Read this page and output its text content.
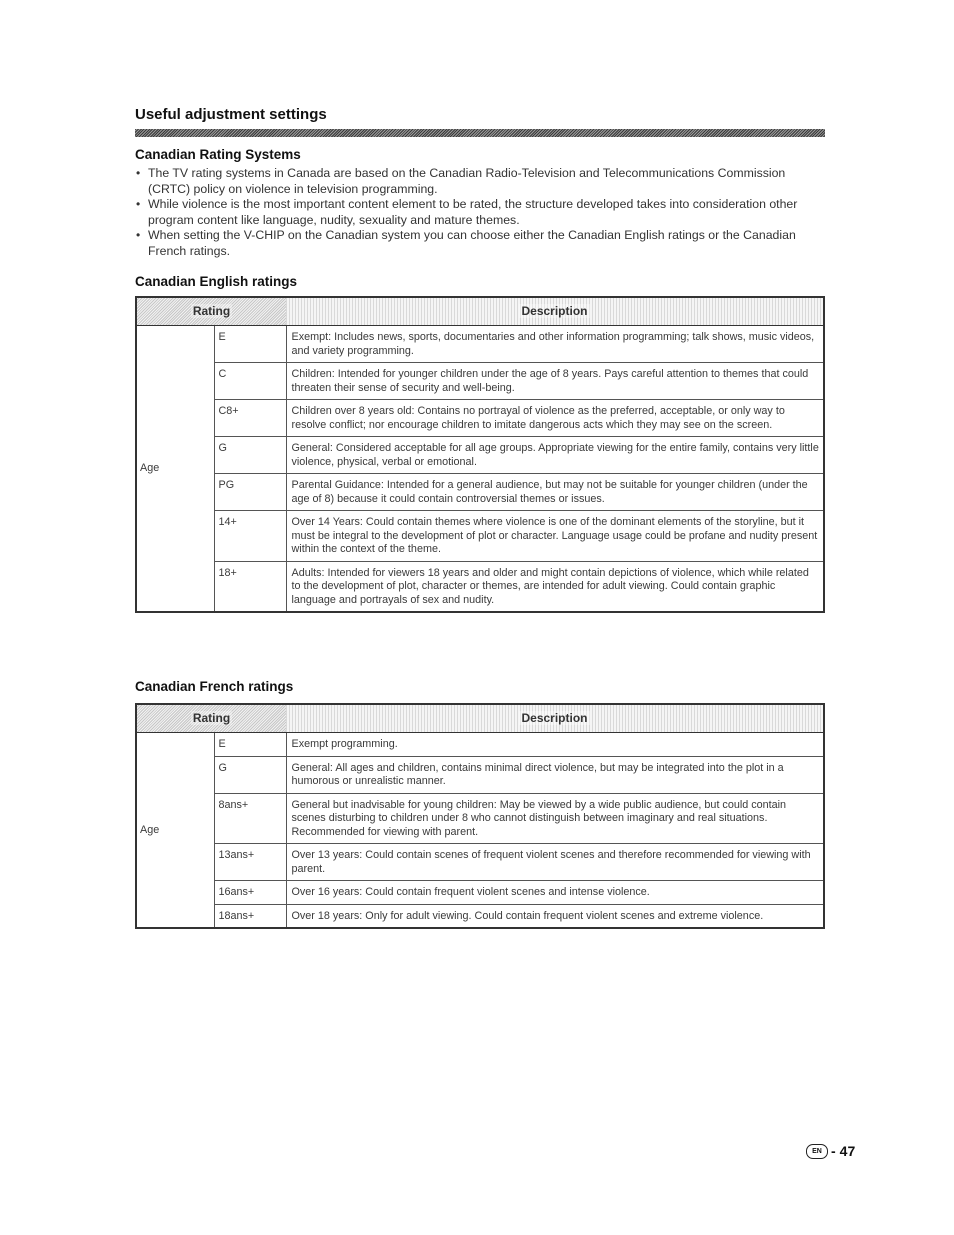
Useful adjustment settings
Canadian Rating Systems
• The TV rating systems in Canada are based on the Canadian Radio-Television and Telecommunications Commission (CRTC) policy on violence in television programming.
• While violence is the most important content element to be rated, the structure developed takes into consideration other program content like language, nudity, sexuality and mature themes.
• When setting the V-CHIP on the Canadian system you can choose either the Canadian English ratings or the Canadian French ratings.
Canadian English ratings
Rating		Description
Age	E	Exempt: Includes news, sports, documentaries and other information programming; talk shows, music videos, and variety programming.
	C	Children: Intended for younger children under the age of 8 years. Pays careful attention to themes that could threaten their sense of security and well-being.
	C8+	Children over 8 years old: Contains no portrayal of violence as the preferred, acceptable, or only way to resolve conflict; nor encourage children to imitate dangerous acts which they may see on the screen.
	G	General: Considered acceptable for all age groups. Appropriate viewing for the entire family, contains very little violence, physical, verbal or emotional.
	PG	Parental Guidance: Intended for a general audience, but may not be suitable for younger children (under the age of 8) because it could contain controversial themes or issues.
	14+	Over 14 Years: Could contain themes where violence is one of the dominant elements of the storyline, but it must be integral to the development of plot or character. Language usage could be profane and nudity present within the context of the theme.
	18+	Adults: Intended for viewers 18 years and older and might contain depictions of violence, which while related to the development of plot, character or themes, are intended for adult viewing. Could contain graphic language and portrayals of sex and nudity.
Canadian French ratings
Rating		Description
Age	E	Exempt programming.
	G	General: All ages and children, contains minimal direct violence, but may be integrated into the plot in a humorous or unrealistic manner.
	8ans+	General but inadvisable for young children: May be viewed by a wide public audience, but could contain scenes disturbing to children under 8 who cannot distinguish between imaginary and real situations. Recommended for viewing with parent.
	13ans+	Over 13 years: Could contain scenes of frequent violent scenes and therefore recommended for viewing with parent.
	16ans+	Over 16 years: Could contain frequent violent scenes and intense violence.
	18ans+	Over 18 years: Only for adult viewing. Could contain frequent violent scenes and extreme violence.
EN - 47
